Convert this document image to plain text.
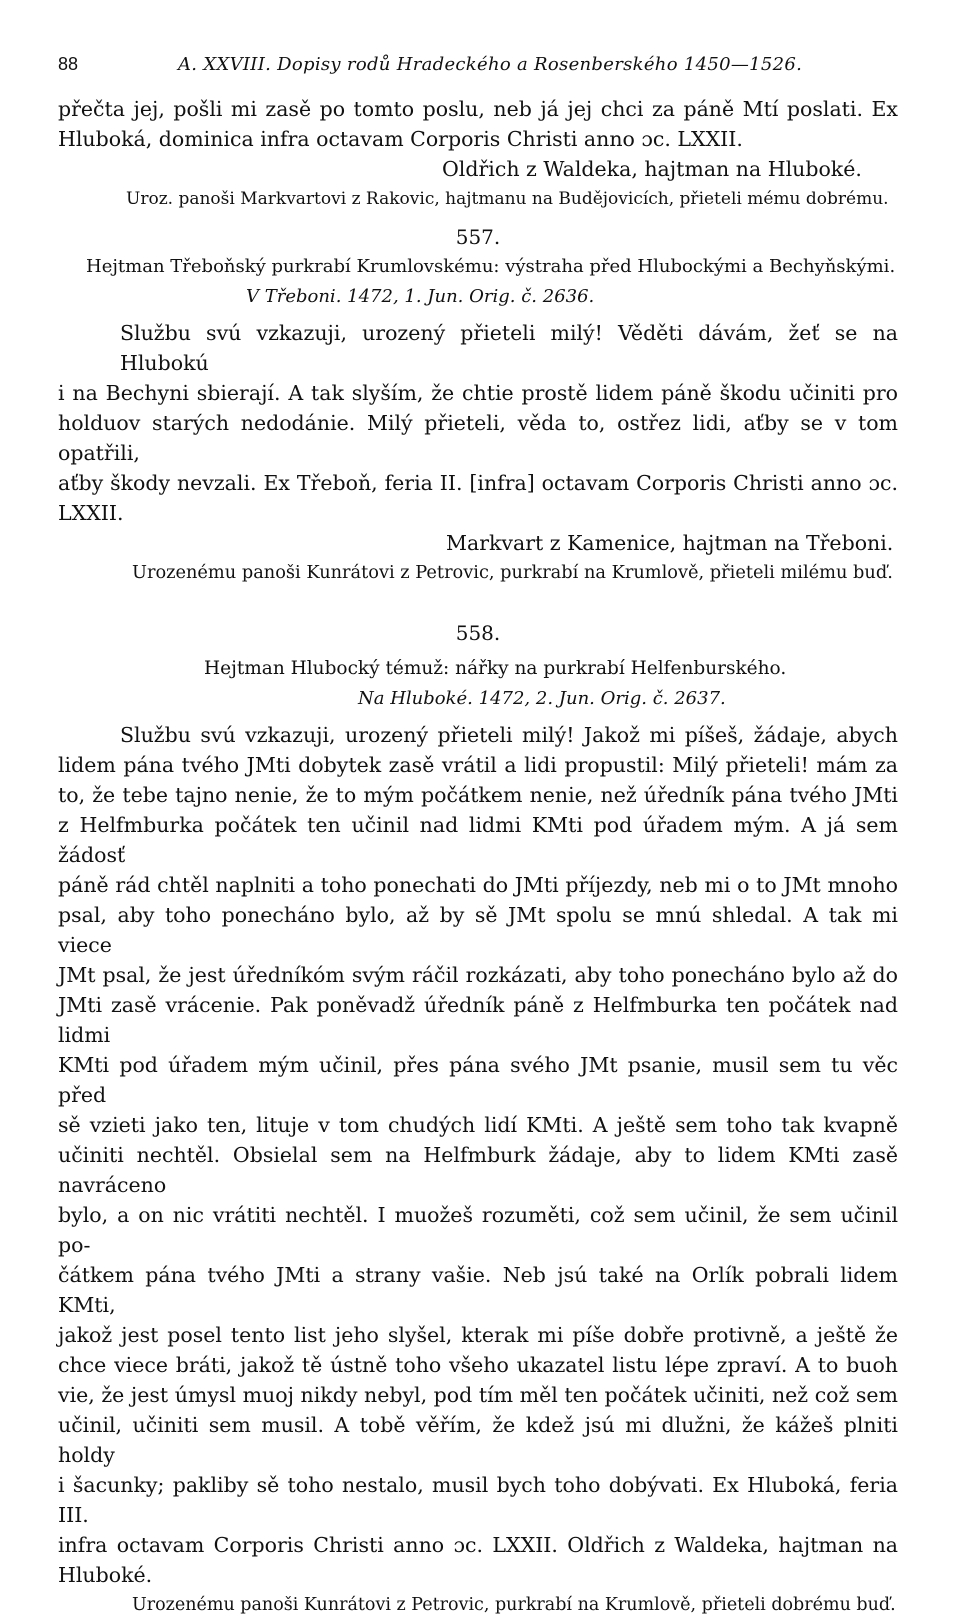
88	A. XXVIII. Dopisy rodů Hradeckého a Rosenberského 1450—1526.
přečta jej, pošli mi zasě po tomto poslu, neb já jej chci za páně Mtí poslati. Ex
Hluboká, dominica infra octavam Corporis Christi anno ɔc. LXXII.
Oldřich z Waldeka, hajtman na Hluboké.
Uroz. panoši Markvartovi z Rakovic, hajtmanu na Budějovicích, přieteli mému dobrému.
557.
Hejtman Třeboňský purkrabí Krumlovskému: výstraha před Hlubockými a Bechyňskými.
V Třeboni. 1472, 1. Jun. Orig. č. 2636.
Službu svú vzkazuji, urozený přieteli milý! Věděti dávám, žeť se na Hlubokú
i na Bechyni sbierají. A tak slyším, že chtie prostě lidem páně škodu učiniti pro
holduov starých nedodánie. Milý přieteli, věda to, ostřez lidi, aťby se v tom opatřili,
aťby škody nevzali. Ex Třeboň, feria II. [infra] octavam Corporis Christi anno ɔc. LXXII.
Markvart z Kamenice, hajtman na Třeboni.
Urozenému panoši Kunrátovi z Petrovic, purkrabí na Krumlově, přieteli milému buď.
558.
Hejtman Hlubocký témuž: nářky na purkrabí Helfenburského.
Na Hluboké. 1472, 2. Jun. Orig. č. 2637.
Službu svú vzkazuji, urozený přieteli milý! Jakož mi píšeš, žádaje, abych
lidem pána tvého JMti dobytek zasě vrátil a lidi propustil: Milý přieteli! mám za
to, že tebe tajno nenie, že to mým počátkem nenie, než úředník pána tvého JMti
z Helfmburka počátek ten učinil nad lidmi KMti pod úřadem mým. A já sem žádosť
páně rád chtěl naplniti a toho ponechati do JMti příjezdy, neb mi o to JMt mnoho
psal, aby toho ponecháno bylo, až by sě JMt spolu se mnú shledal. A tak mi viece
JMt psal, že jest úředníkóm svým ráčil rozkázati, aby toho ponecháno bylo až do
JMti zasě vrácenie. Pak poněvadž úředník páně z Helfmburka ten počátek nad lidmi
KMti pod úřadem mým učinil, přes pána svého JMt psanie, musil sem tu věc před
sě vzieti jako ten, lituje v tom chudých lidí KMti. A ještě sem toho tak kvapně
učiniti nechtěl. Obsielal sem na Helfmburk žádaje, aby to lidem KMti zasě navráceno
bylo, a on nic vrátiti nechtěl. I muožeš rozuměti, což sem učinil, že sem učinil po-
čátkem pána tvého JMti a strany vašie. Neb jsú také na Orlík pobrali lidem KMti,
jakož jest posel tento list jeho slyšel, kterak mi píše dobře protivně, a ještě že
chce viece bráti, jakož tě ústně toho všeho ukazatel listu lépe zpraví. A to buoh
vie, že jest úmysl muoj nikdy nebyl, pod tím měl ten počátek učiniti, než což sem
učinil, učiniti sem musil. A tobě věřím, že kdež jsú mi dlužni, že kážeš plniti holdy
i šacunky; pakliby sě toho nestalo, musil bych toho dobývati. Ex Hluboká, feria III.
infra octavam Corporis Christi anno ɔc. LXXII. Oldřich z Waldeka, hajtman na Hluboké.
Urozenému panoši Kunrátovi z Petrovic, purkrabí na Krumlově, přieteli dobrému buď.
